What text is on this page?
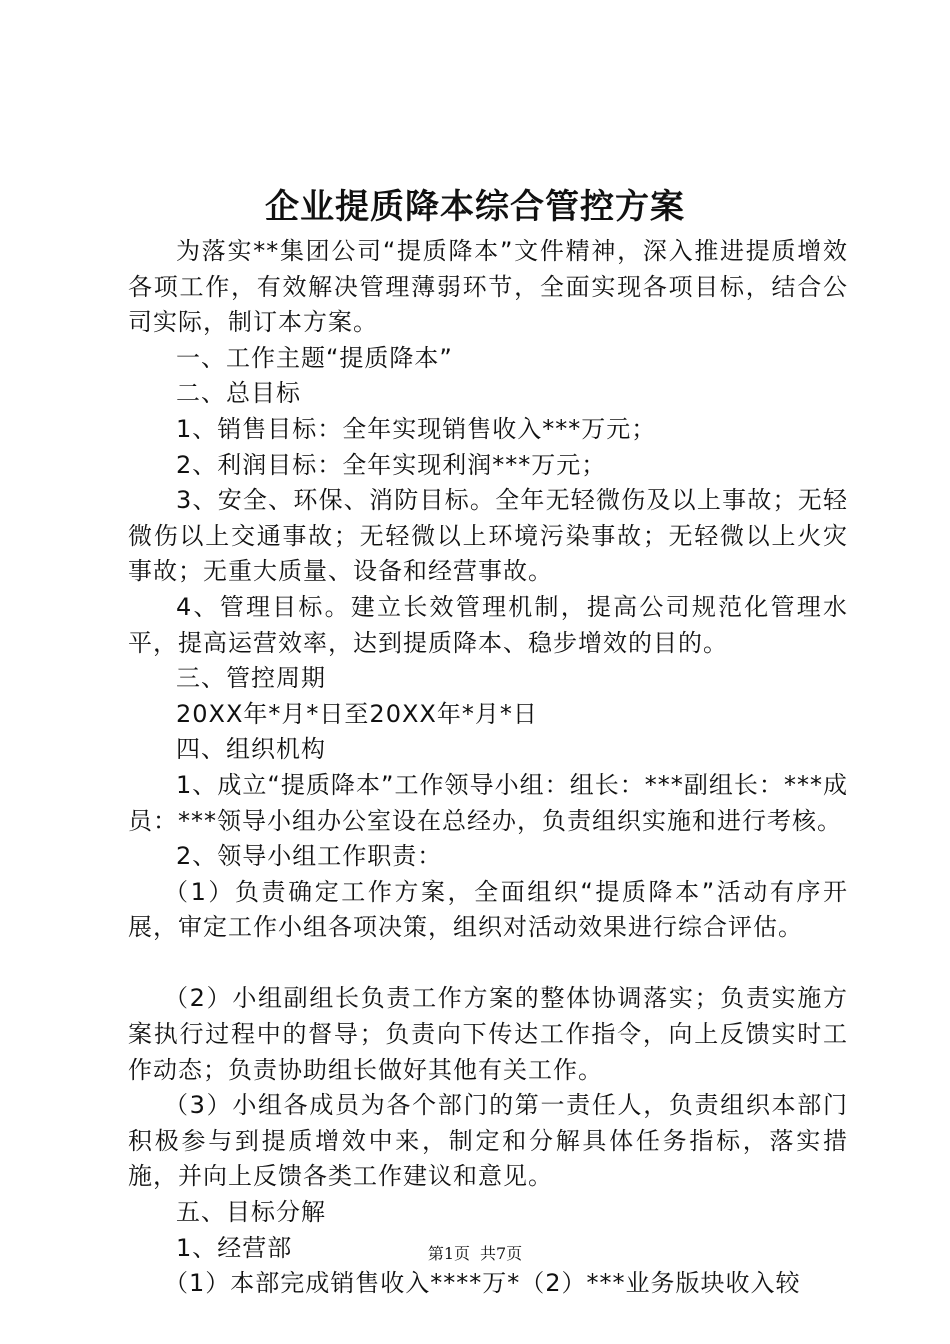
企业提质降本综合管控方案

为落实**集团公司“提质降本”文件精神，深入推进提质增效各项工作，有效解决管理薄弱环节，全面实现各项目标，结合公司实际，制订本方案。

一、工作主题“提质降本”

二、总目标

1、销售目标：全年实现销售收入***万元；

2、利润目标：全年实现利润***万元；

3、安全、环保、消防目标。全年无轻微伤及以上事故；无轻微伤以上交通事故；无轻微以上环境污染事故；无轻微以上火灾事故；无重大质量、设备和经营事故。

4、管理目标。建立长效管理机制，提高公司规范化管理水平，提高运营效率，达到提质降本、稳步增效的目的。

三、管控周期

20XX年*月*日至20XX年*月*日

四、组织机构

1、成立“提质降本”工作领导小组：组长：***副组长：***成员：***领导小组办公室设在总经办，负责组织实施和进行考核。

2、领导小组工作职责：

（1）负责确定工作方案，全面组织“提质降本”活动有序开展，审定工作小组各项决策，组织对活动效果进行综合评估。

（2）小组副组长负责工作方案的整体协调落实；负责实施方案执行过程中的督导；负责向下传达工作指令，向上反馈实时工作动态；负责协助组长做好其他有关工作。

（3）小组各成员为各个部门的第一责任人，负责组织本部门积极参与到提质增效中来，制定和分解具体任务指标，落实措施，并向上反馈各类工作建议和意见。

五、目标分解

1、经营部

（1）本部完成销售收入****万*（2）***业务版块收入较

第1页 共7页
